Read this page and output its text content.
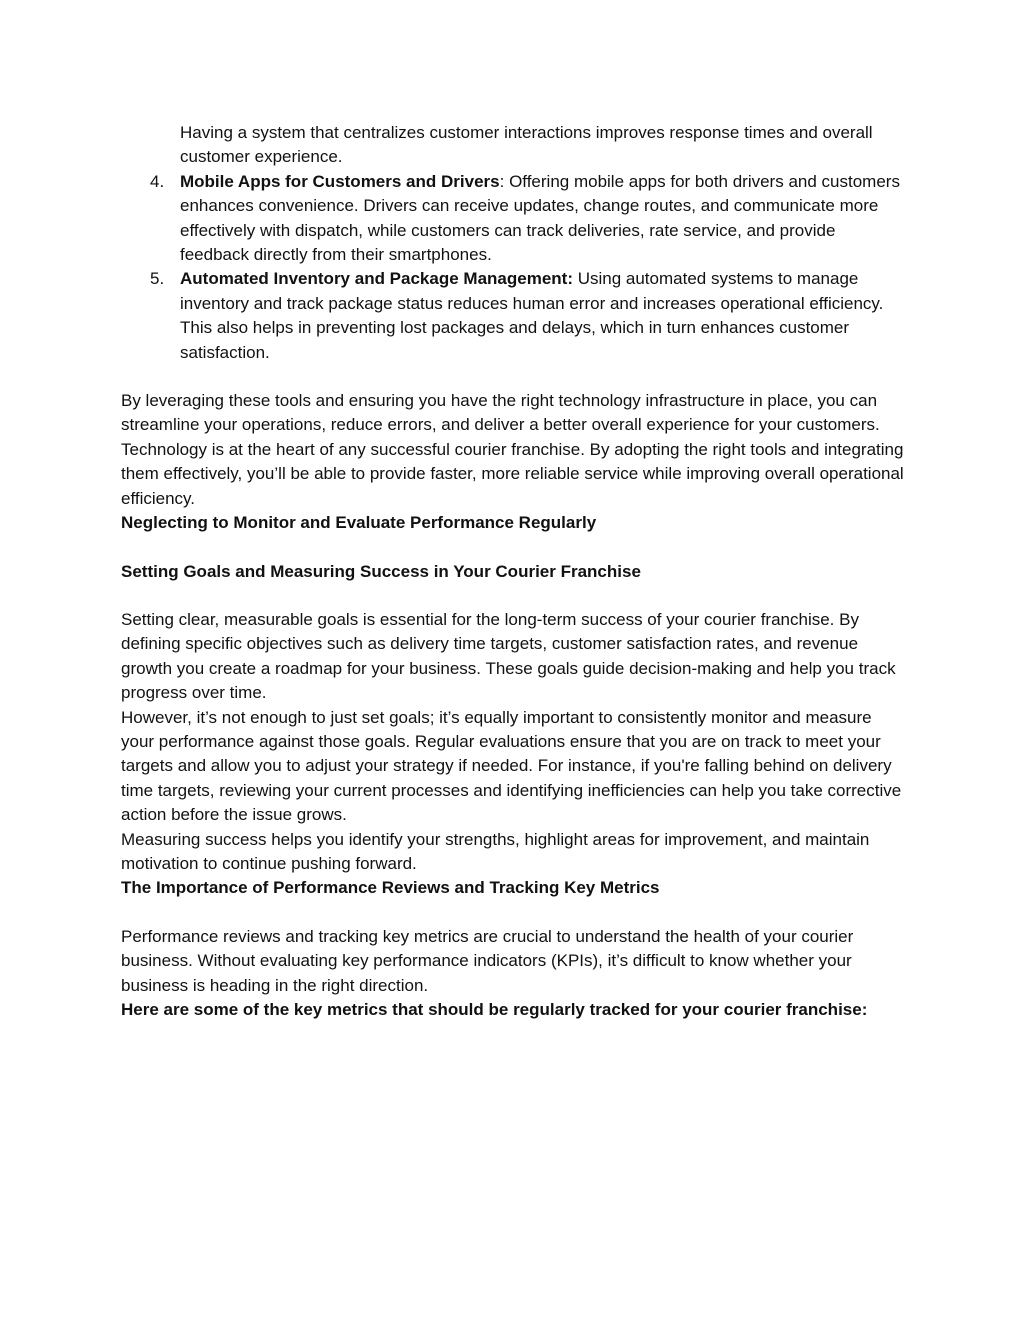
Having a system that centralizes customer interactions improves response times and overall customer experience.

4. Mobile Apps for Customers and Drivers: Offering mobile apps for both drivers and customers enhances convenience. Drivers can receive updates, change routes, and communicate more effectively with dispatch, while customers can track deliveries, rate service, and provide feedback directly from their smartphones.
5. Automated Inventory and Package Management: Using automated systems to manage inventory and track package status reduces human error and increases operational efficiency. This also helps in preventing lost packages and delays, which in turn enhances customer satisfaction.

By leveraging these tools and ensuring you have the right technology infrastructure in place, you can streamline your operations, reduce errors, and deliver a better overall experience for your customers.

Technology is at the heart of any successful courier franchise. By adopting the right tools and integrating them effectively, you’ll be able to provide faster, more reliable service while improving overall operational efficiency.

Neglecting to Monitor and Evaluate Performance Regularly
Setting Goals and Measuring Success in Your Courier Franchise

Setting clear, measurable goals is essential for the long-term success of your courier franchise. By defining specific objectives such as delivery time targets, customer satisfaction rates, and revenue growth you create a roadmap for your business. These goals guide decision-making and help you track progress over time.

However, it’s not enough to just set goals; it’s equally important to consistently monitor and measure your performance against those goals. Regular evaluations ensure that you are on track to meet your targets and allow you to adjust your strategy if needed. For instance, if you're falling behind on delivery time targets, reviewing your current processes and identifying inefficiencies can help you take corrective action before the issue grows.

Measuring success helps you identify your strengths, highlight areas for improvement, and maintain motivation to continue pushing forward.

The Importance of Performance Reviews and Tracking Key Metrics

Performance reviews and tracking key metrics are crucial to understand the health of your courier business. Without evaluating key performance indicators (KPIs), it’s difficult to know whether your business is heading in the right direction.

Here are some of the key metrics that should be regularly tracked for your courier franchise:
